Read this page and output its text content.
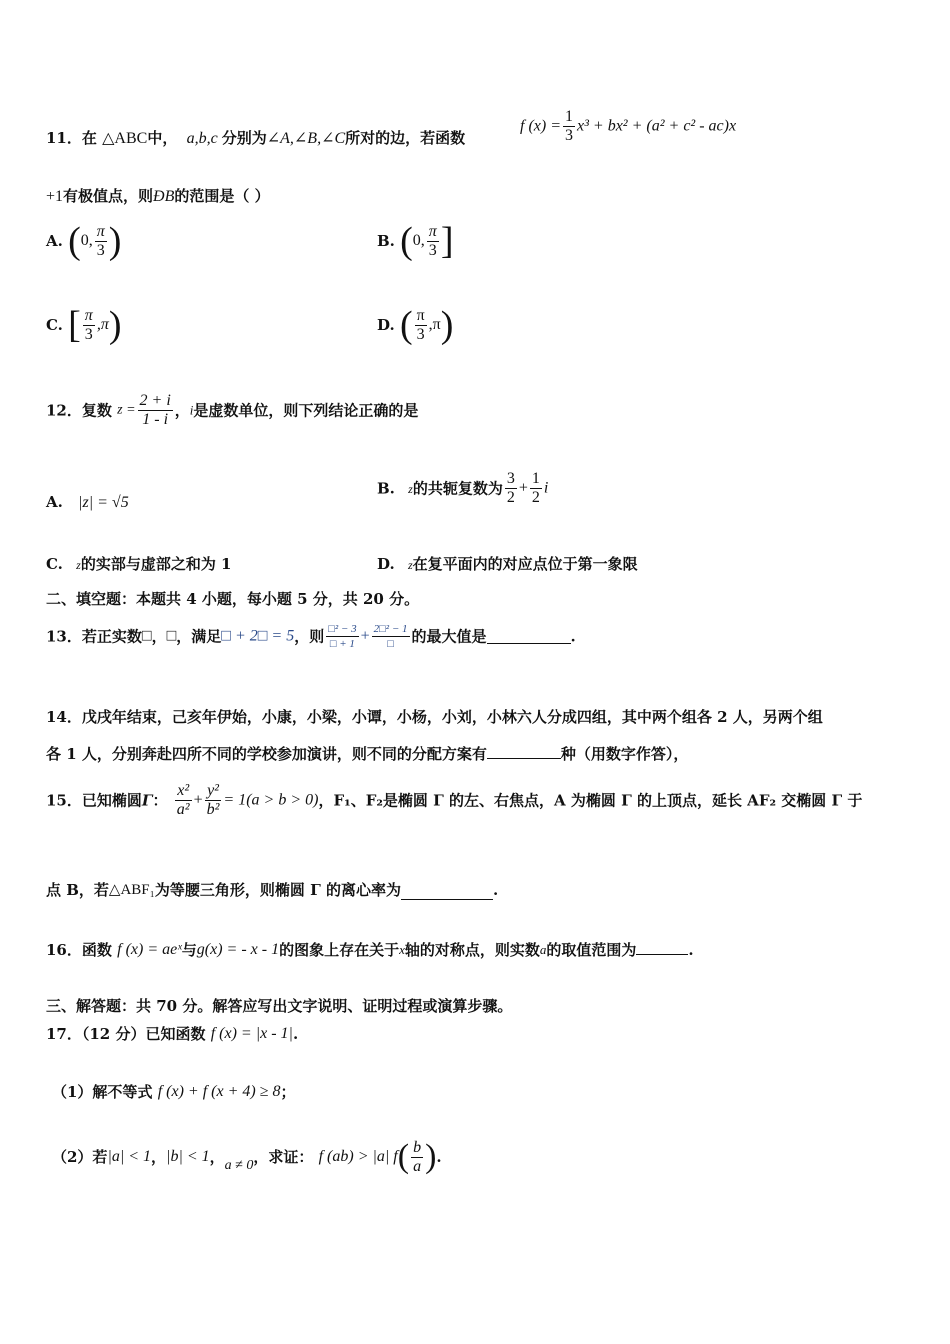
11．在 △ABC中， a,b,c 分别为∠A,∠B,∠C所对的边，若函数
f $(x) = \frac{1}{3} x^3 + bx^2 + (a^2 + c^2 - ac)x$
+1有极值点，则ÐB的范围是（ ）
A. (0, $\frac{\pi}{3}$ )	B. (0, $\frac{\pi}{3}$ ]
C. [ $\frac{\pi}{3} ,\pi$)	D. ( $\frac{\pi}{3} ,\pi$)
12．复数 $z = \frac{2 + i}{1 - i}$ ，i是虚数单位，则下列结论正确的是
A. |z| = √5
B. z的共轭复数为 $\frac{3}{2} + \frac{1}{2}$ i
C. z的实部与虚部之和为 1	D. z在复平面内的对应点位于第一象限
二、填空题：本题共 4 小题，每小题 5 分，共 20 分。
13．若正实数□，□，满足□ + 2□ = 5，则 $\frac{\text{□² − 3}}{□ + 1} + \frac{\text{2□² − 1}}{□}$ 的最大值是	.
14．戊戌年结束，己亥年伊始，小康，小梁，小谭，小杨，小刘，小林六人分成四组，其中两个组各 2 人，另两个组
各 1 人，分别奔赴四所不同的学校参加演讲，则不同的分配方案有	种（用数字作答），
15．已知椭圆Γ： $\frac{\text{x²}}{\text{a²}} + \frac{\text{y²}}{\text{b²}} = 1(a > b > 0)$，F₁、F₂是椭圆 Γ 的左、右焦点，A 为椭圆 Γ 的上顶点，延长 AF₂ 交椭圆 Γ 于
点 B，若△ABF₁为等腰三角形，则椭圆 Γ 的离心率为	.
16．函数 f (x) = aeˣ与g(x) = - x - 1的图象上存在关于x轴的对称点，则实数a的取值范围为	.
三、解答题：共 70 分。解答应写出文字说明、证明过程或演算步骤。
17．（12 分）已知函数 f (x) = |x - 1|.
（1）解不等式 f (x) + f (x + 4) ≥ 8；
（2）若|a| < 1，|b| < 1，a ≠ 0，求证： f (ab) > |a| $f( \frac{b}{a}$ ).
